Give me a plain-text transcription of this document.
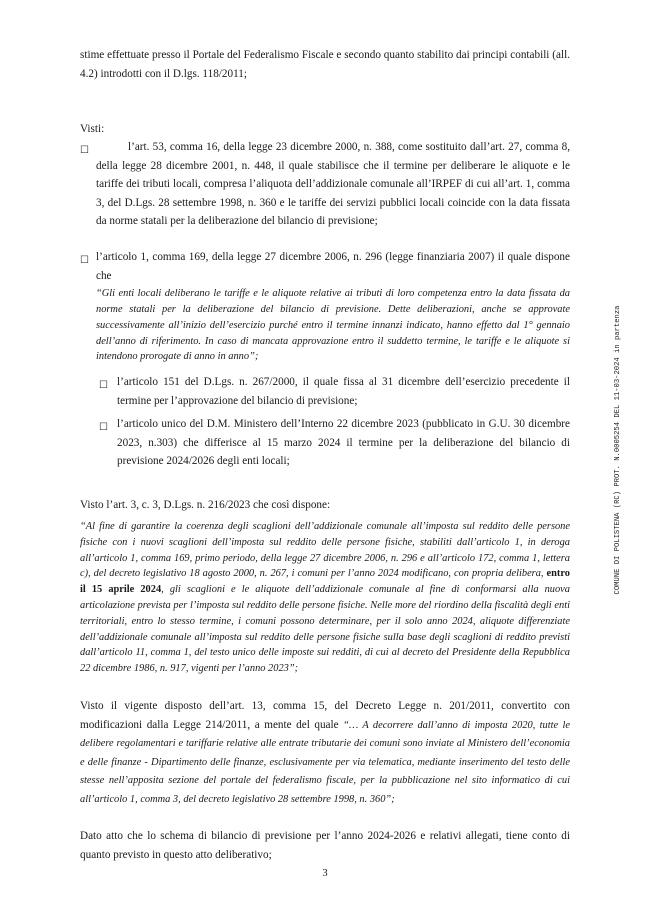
stime effettuate presso il Portale del Federalismo Fiscale e secondo quanto stabilito dai principi contabili (all. 4.2) introdotti con il D.lgs. 118/2011;
Visti:
☐	l’art. 53, comma 16, della legge 23 dicembre 2000, n. 388, come sostituito dall’art. 27, comma 8, della legge 28 dicembre 2001, n. 448, il quale stabilisce che il termine per deliberare le aliquote e le tariffe dei tributi locali, compresa l’aliquota dell’addizionale comunale all’IRPEF di cui all’art. 1, comma 3, del D.Lgs. 28 settembre 1998, n. 360 e le tariffe dei servizi pubblici locali coincide con la data fissata da norme statali per la deliberazione del bilancio di previsione;
☐ l’articolo 1, comma 169, della legge 27 dicembre 2006, n. 296 (legge finanziaria 2007) il quale dispone che
“Gli enti locali deliberano le tariffe e le aliquote relative ai tributi di loro competenza entro la data fissata da norme statali per la deliberazione del bilancio di previsione. Dette deliberazioni, anche se approvate successivamente all’inizio dell’esercizio purché entro il termine innanzi indicato, hanno effetto dal 1° gennaio dell’anno di riferimento. In caso di mancata approvazione entro il suddetto termine, le tariffe e le aliquote si intendono prorogate di anno in anno”;
☐ l’articolo 151 del D.Lgs. n. 267/2000, il quale fissa al 31 dicembre dell’esercizio precedente il termine per l’approvazione del bilancio di previsione;
☐ l’articolo unico del D.M. Ministero dell’Interno 22 dicembre 2023 (pubblicato in G.U. 30 dicembre 2023, n.303) che differisce al 15 marzo 2024 il termine per la deliberazione del bilancio di previsione 2024/2026 degli enti locali;
Visto l’art. 3, c. 3, D.Lgs. n. 216/2023 che così dispone:
“Al fine di garantire la coerenza degli scaglioni dell’addizionale comunale all’imposta sul reddito delle persone fisiche con i nuovi scaglioni dell’imposta sul reddito delle persone fisiche, stabiliti dall’articolo 1, in deroga all’articolo 1, comma 169, primo periodo, della legge 27 dicembre 2006, n. 296 e all’articolo 172, comma 1, lettera c), del decreto legislativo 18 agosto 2000, n. 267, i comuni per l’anno 2024 modificano, con propria delibera, entro il 15 aprile 2024, gli scaglioni e le aliquote dell’addizionale comunale al fine di conformarsi alla nuova articolazione prevista per l’imposta sul reddito delle persone fisiche. Nelle more del riordino della fiscalità degli enti territoriali, entro lo stesso termine, i comuni possono determinare, per il solo anno 2024, aliquote differenziate dell’addizionale comunale all’imposta sul reddito delle persone fisiche sulla base degli scaglioni di reddito previsti dall’articolo 11, comma 1, del testo unico delle imposte sui redditi, di cui al decreto del Presidente della Repubblica 22 dicembre 1986, n. 917, vigenti per l’anno 2023”;
Visto il vigente disposto dell’art. 13, comma 15, del Decreto Legge n. 201/2011, convertito con modificazioni dalla Legge 214/2011, a mente del quale “… A decorrere dall’anno di imposta 2020, tutte le delibere regolamentari e tariffarie relative alle entrate tributarie dei comuni sono inviate al Ministero dell’economia e delle finanze - Dipartimento delle finanze, esclusivamente per via telematica, mediante inserimento del testo delle stesse nell’apposita sezione del portale del federalismo fiscale, per la pubblicazione nel sito informatico di cui all’articolo 1, comma 3, del decreto legislativo 28 settembre 1998, n. 360”;
Dato atto che lo schema di bilancio di previsione per l’anno 2024-2026 e relativi allegati, tiene conto di quanto previsto in questo atto deliberativo;
3
COMUNE DI POLISTENA (RC) PROT. N.0005254 DEL 11-03-2024 in partenza
